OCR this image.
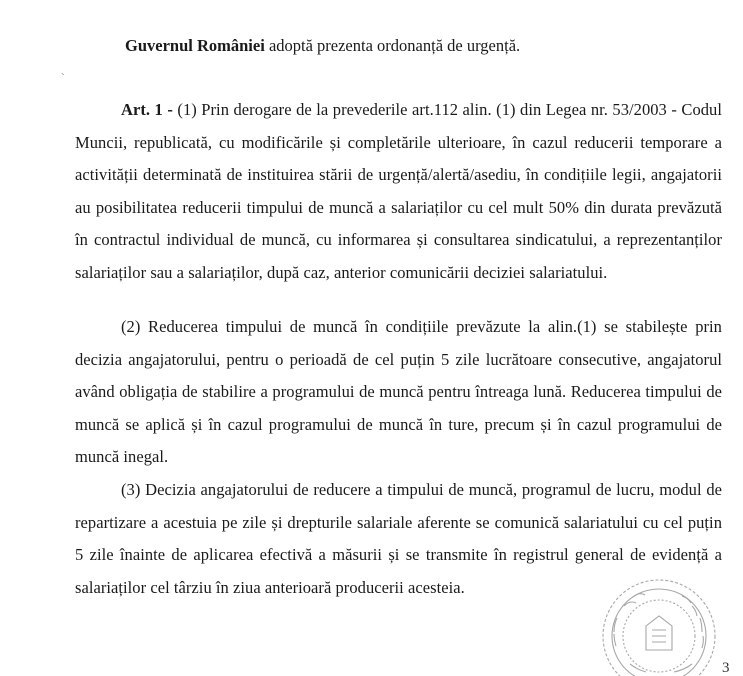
Guvernul României adoptă prezenta ordonanță de urgență.
`

Art. 1 - (1) Prin derogare de la prevederile art.112 alin. (1) din Legea nr. 53/2003 - Codul Muncii, republicată, cu modificările și completările ulterioare, în cazul reducerii temporare a activității determinată de instituirea stării de urgență/alertă/asediu, în condițiile legii, angajatorii au posibilitatea reducerii timpului de muncă a salariaților cu cel mult 50% din durata prevăzută în contractul individual de muncă, cu informarea și consultarea sindicatului, a reprezentanților salariaților sau a salariaților, după caz, anterior comunicării deciziei salariatului.

(2) Reducerea timpului de muncă în condițiile prevăzute la alin.(1) se stabilește prin decizia angajatorului, pentru o perioadă de cel puțin 5 zile lucrătoare consecutive, angajatorul având obligația de stabilire a programului de muncă pentru întreaga lună. Reducerea timpului de muncă se aplică și în cazul programului de muncă în ture, precum și în cazul programului de muncă inegal.

(3) Decizia angajatorului de reducere a timpului de muncă, programul de lucru, modul de repartizare a acestuia pe zile și drepturile salariale aferente se comunică salariatului cu cel puțin 5 zile înainte de aplicarea efectivă a măsurii și se transmite în registrul general de evidență a salariaților cel târziu în ziua anterioară producerii acesteia.

3
